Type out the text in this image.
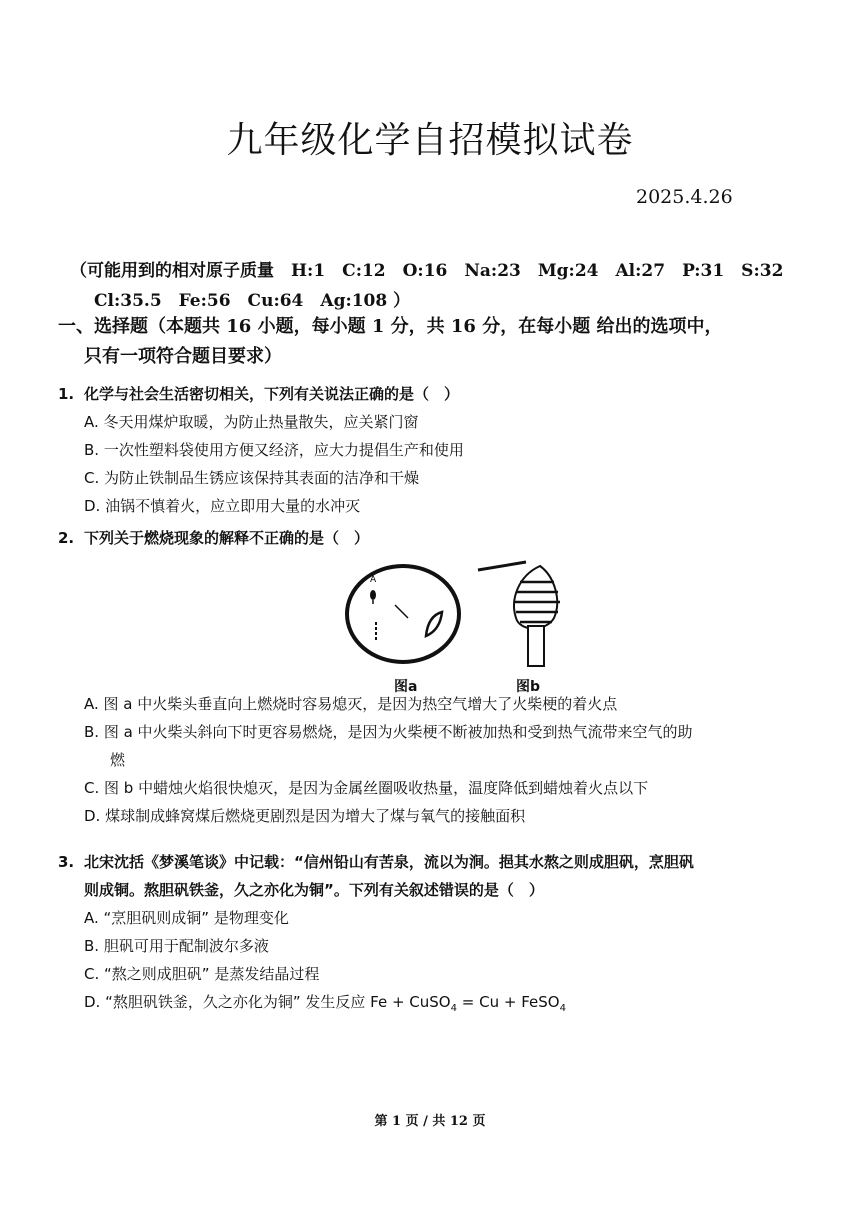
九年级化学自招模拟试卷
2025.4.26
（可能用到的相对原子质量　H:1　C:12　O:16　Na:23　Mg:24　Al:27　P:31　S:32
Cl:35.5　Fe:56　Cu:64　Ag:108 ）
一、选择题（本题共 16 小题，每小题 1 分，共 16 分，在每小题 给出的选项中，
只有一项符合题目要求）
1. 化学与社会生活密切相关，下列有关说法正确的是（　）
A. 冬天用煤炉取暖，为防止热量散失，应关紧门窗
B. 一次性塑料袋使用方便又经济，应大力提倡生产和使用
C. 为防止铁制品生锈应该保持其表面的洁净和干燥
D. 油锅不慎着火，应立即用大量的水冲灭
2. 下列关于燃烧现象的解释不正确的是（　）
A
图a	图b
A. 图 a 中火柴头垂直向上燃烧时容易熄灭，是因为热空气增大了火柴梗的着火点
B. 图 a 中火柴头斜向下时更容易燃烧，是因为火柴梗不断被加热和受到热气流带来空气的助
燃
C. 图 b 中蜡烛火焰很快熄灭，是因为金属丝圈吸收热量，温度降低到蜡烛着火点以下
D. 煤球制成蜂窝煤后燃烧更剧烈是因为增大了煤与氧气的接触面积
3. 北宋沈括《梦溪笔谈》中记载：“信州铅山有苦泉，流以为涧。挹其水熬之则成胆矾，烹胆矾
则成铜。熬胆矾铁釜，久之亦化为铜”。下列有关叙述错误的是（　）
A. “烹胆矾则成铜” 是物理变化
B. 胆矾可用于配制波尔多液
C. “熬之则成胆矾” 是蒸发结晶过程
D. “熬胆矾铁釜，久之亦化为铜” 发生反应 Fe + CuSO$_4$ = Cu + FeSO$_4$
第 1 页 / 共 12 页
